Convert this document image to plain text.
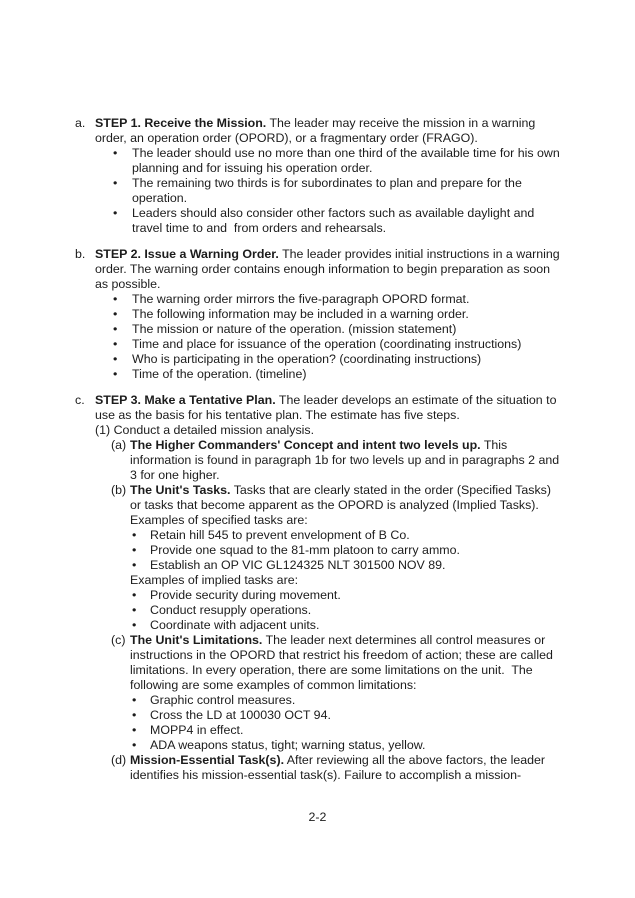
a. STEP 1. Receive the Mission. The leader may receive the mission in a warning order, an operation order (OPORD), or a fragmentary order (FRAGO).

•	The leader should use no more than one third of the available time for his own planning and for issuing his operation order.
•	The remaining two thirds is for subordinates to plan and prepare for the operation.
•	Leaders should also consider other factors such as available daylight and travel time to and  from orders and rehearsals.
b. STEP 2. Issue a Warning Order. The leader provides initial instructions in a warning order. The warning order contains enough information to begin preparation as soon as possible.

•	The warning order mirrors the five-paragraph OPORD format.
•	The following information may be included in a warning order.
•	The mission or nature of the operation. (mission statement)
•	Time and place for issuance of the operation (coordinating instructions)
•	Who is participating in the operation? (coordinating instructions)
•	Time of the operation. (timeline)
c. STEP 3. Make a Tentative Plan. The leader develops an estimate of the situation to use as the basis for his tentative plan. The estimate has five steps.

(1) Conduct a detailed mission analysis.
(a) The Higher Commanders' Concept and intent two levels up. This information is found in paragraph 1b for two levels up and in paragraphs 2 and 3 for one higher.

(b) The Unit's Tasks. Tasks that are clearly stated in the order (Specified Tasks) or tasks that become apparent as the OPORD is analyzed (Implied Tasks).

Examples of specified tasks are:
•	Retain hill 545 to prevent envelopment of B Co.
•	Provide one squad to the 81-mm platoon to carry ammo.
•	Establish an OP VIC GL124325 NLT 301500 NOV 89.
Examples of implied tasks are:
•	Provide security during movement.
•	Conduct resupply operations.
•	Coordinate with adjacent units.
(c) The Unit's Limitations. The leader next determines all control measures or instructions in the OPORD that restrict his freedom of action; these are called limitations. In every operation, there are some limitations on the unit.  The following are some examples of common limitations:

•	Graphic control measures.
•	Cross the LD at 100030 OCT 94.
•	MOPP4 in effect.
•	ADA weapons status, tight; warning status, yellow.
(d) Mission-Essential Task(s). After reviewing all the above factors, the leader identifies his mission-essential task(s). Failure to accomplish a mission-

2-2
